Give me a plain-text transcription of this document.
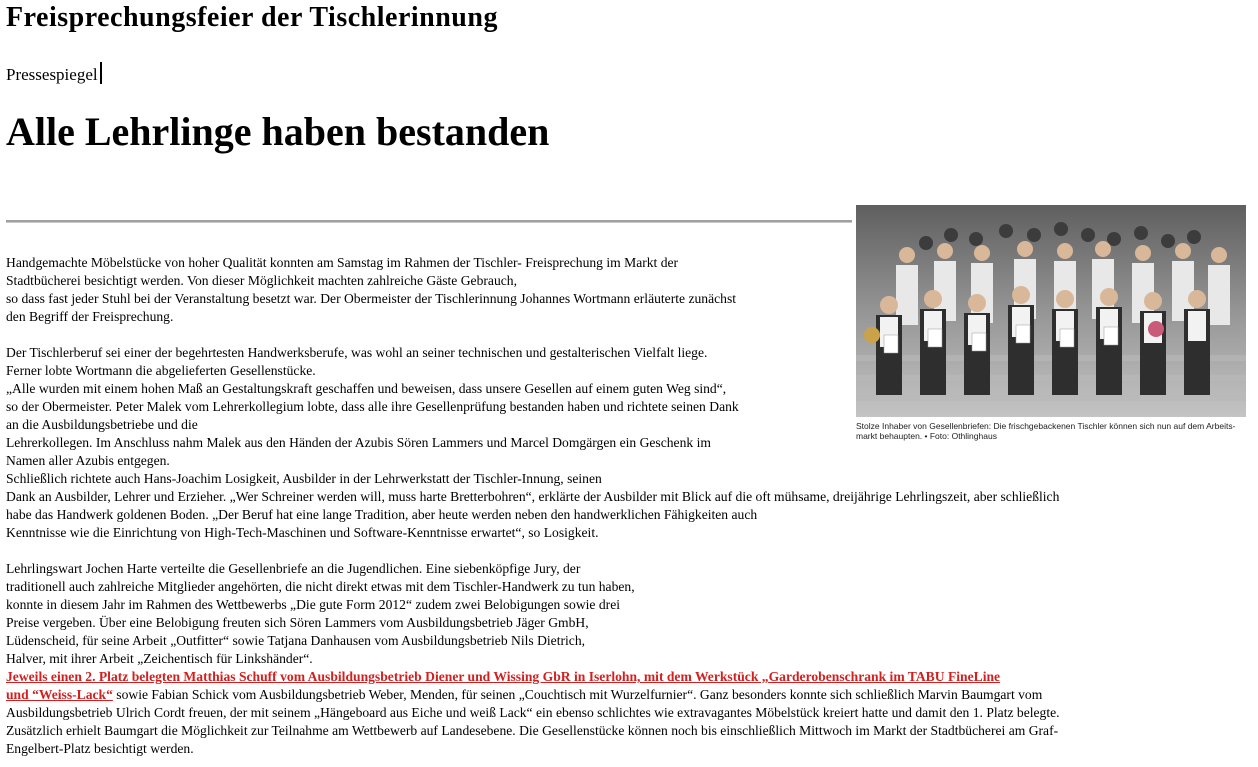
Freisprechungsfeier der Tischlerinnung
Pressespiegel
Alle Lehrlinge haben bestanden
Stolze Inhaber von Gesellenbriefen: Die frischgebackenen Tischler können sich nun auf dem Arbeits-
markt behaupten. • Foto: Othlinghaus

Handgemachte Möbelstücke von hoher Qualität konnten am Samstag im Rahmen der Tischler- Freisprechung im Markt der

Stadtbücherei besichtigt werden. Von dieser Möglichkeit machten zahlreiche Gäste Gebrauch,

so dass fast jeder Stuhl bei der Veranstaltung besetzt war. Der Obermeister der Tischlerinnung Johannes Wortmann erläuterte zunächst

den Begriff der Freisprechung.

Der Tischlerberuf sei einer der begehrtesten Handwerksberufe, was wohl an seiner technischen und gestalterischen Vielfalt liege.

Ferner lobte Wortmann die abgelieferten Gesellenstücke.

„Alle wurden mit einem hohen Maß an Gestaltungskraft geschaffen und beweisen, dass unsere Gesellen auf einem guten Weg sind“,

so der Obermeister. Peter Malek vom Lehrerkollegium lobte, dass alle ihre Gesellenprüfung bestanden haben und richtete seinen Dank

an die Ausbildungsbetriebe und die

Lehrerkollegen. Im Anschluss nahm Malek aus den Händen der Azubis Sören Lammers und Marcel Domgärgen ein Geschenk im

Namen aller Azubis entgegen.

Schließlich richtete auch Hans-Joachim Losigkeit, Ausbilder in der Lehrwerkstatt der Tischler-Innung, seinen

Dank an Ausbilder, Lehrer und Erzieher. „Wer Schreiner werden will, muss harte Bretterbohren“, erklärte der Ausbilder mit Blick auf die oft mühsame, dreijährige Lehrlingszeit, aber schließlich

habe das Handwerk goldenen Boden. „Der Beruf hat eine lange Tradition, aber heute werden neben den handwerklichen Fähigkeiten auch

Kenntnisse wie die Einrichtung von High-Tech-Maschinen und Software-Kenntnisse erwartet“, so Losigkeit.

Lehrlingswart Jochen Harte verteilte die Gesellenbriefe an die Jugendlichen. Eine siebenköpfige Jury, der

traditionell auch zahlreiche Mitglieder angehörten, die nicht direkt etwas mit dem Tischler-Handwerk zu tun haben,

konnte in diesem Jahr im Rahmen des Wettbewerbs „Die gute Form 2012“ zudem zwei Belobigungen sowie drei

Preise vergeben. Über eine Belobigung freuten sich Sören Lammers vom Ausbildungsbetrieb Jäger GmbH,

Lüdenscheid, für seine Arbeit „Outfitter“ sowie Tatjana Danhausen vom Ausbildungsbetrieb Nils Dietrich,

Halver, mit ihrer Arbeit „Zeichentisch für Linkshänder“.

Jeweils einen 2. Platz belegten Matthias Schuff vom Ausbildungsbetrieb Diener und Wissing GbR in Iserlohn, mit dem Werkstück „Garderobenschrank im TABU FineLine

und “Weiss-Lack“ sowie Fabian Schick vom Ausbildungsbetrieb Weber, Menden, für seinen „Couchtisch mit Wurzelfurnier“. Ganz besonders konnte sich schließlich Marvin Baumgart vom

Ausbildungsbetrieb Ulrich Cordt freuen, der mit seinem „Hängeboard aus Eiche und weiß Lack“ ein ebenso schlichtes wie extravagantes Möbelstück kreiert hatte und damit den 1. Platz belegte.

Zusätzlich erhielt Baumgart die Möglichkeit zur Teilnahme am Wettbewerb auf Landesebene. Die Gesellenstücke können noch bis einschließlich Mittwoch im Markt der Stadtbücherei am Graf-

Engelbert-Platz besichtigt werden.
